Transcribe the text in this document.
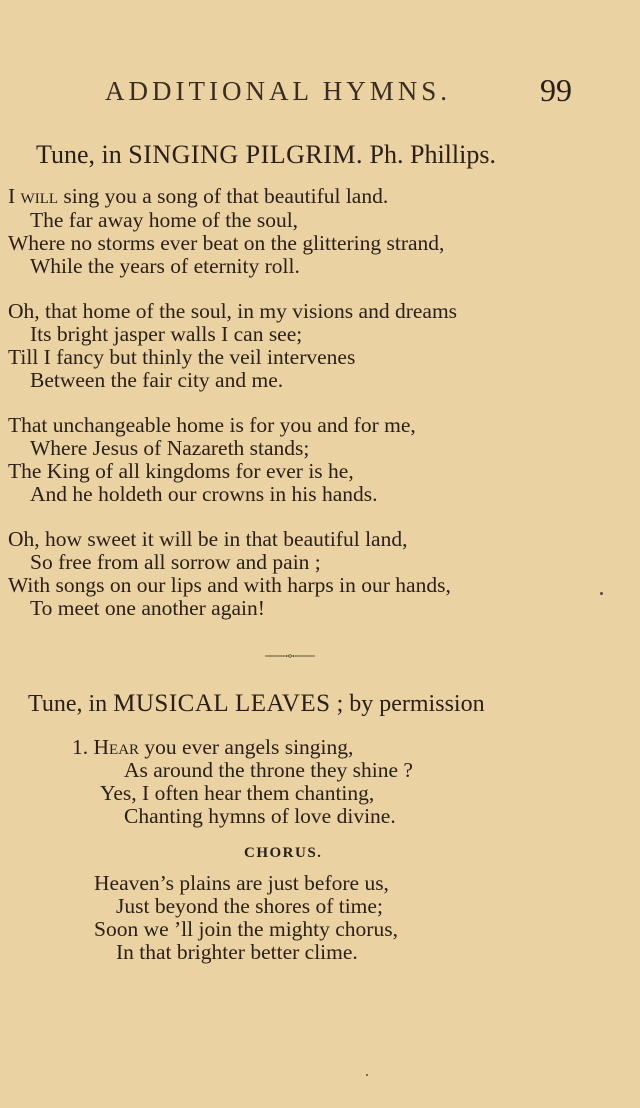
ADDITIONAL HYMNS.	99
Tune, in SINGING PILGRIM. Ph. Phillips.
I will sing you a song of that beautiful land.
The far away home of the soul,
Where no storms ever beat on the glittering strand,
While the years of eternity roll.
Oh, that home of the soul, in my visions and dreams
Its bright jasper walls I can see;
Till I fancy but thinly the veil intervenes
Between the fair city and me.
That unchangeable home is for you and for me,
Where Jesus of Nazareth stands;
The King of all kingdoms for ever is he,
And he holdeth our crowns in his hands.
Oh, how sweet it will be in that beautiful land,
So free from all sorrow and pain ;
With songs on our lips and with harps in our hands,
To meet one another again!
Tune, in MUSICAL LEAVES ; by permission
1. Hear you ever angels singing,
As around the throne they shine ?
Yes, I often hear them chanting,
Chanting hymns of love divine.
CHORUS.
Heaven’s plains are just before us,
Just beyond the shores of time;
Soon we ’ll join the mighty chorus,
In that brighter better clime.
